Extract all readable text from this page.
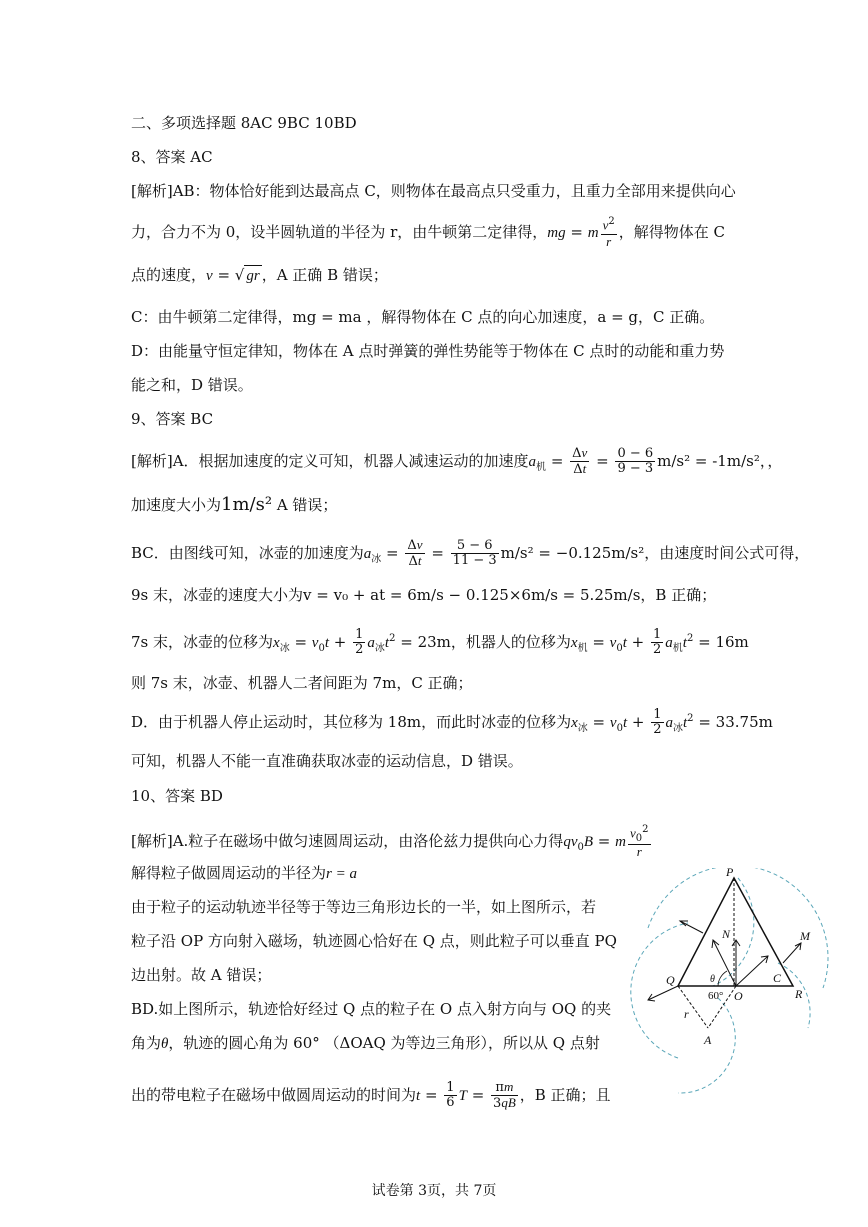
二、多项选择题 8AC 9BC 10BD
8、答案 AC
[解析]AB：物体恰好能到达最高点 C，则物体在最高点只受重力，且重力全部用来提供向心
力，合力不为 0，设半圆轨道的半径为 r，由牛顿第二定律得，mg = m $\frac{v^2}{r}$ ，解得物体在 C
点的速度，v = √ gr ，A 正确 B 错误；
C：由牛顿第二定律得，mg = ma ，解得物体在 C 点的向心加速度，a = g，C 正确。
D：由能量守恒定律知，物体在 A 点时弹簧的弹性势能等于物体在 C 点时的动能和重力势
能之和，D 错误。
9、答案 BC
[解析]A．根据加速度的定义可知，机器人减速运动的加速度$a_机 = \frac{\Delta v}{\Delta t} = \frac{0 - 6}{9 - 3} m/s^2 = -1m/s^2$，，
加速度大小为1m/s² A 错误；
BC．由图线可知，冰壶的加速度为$a_冰 = \frac{\Delta v}{\Delta t} = \frac{5 - 6}{11 - 3} m/s^2 = -0.125m/s^2$，由速度时间公式可得，
9s 末，冰壶的速度大小为v = v₀ + at = 6m/s − 0.125×6m/s = 5.25m/s，B 正确；
7s 末，冰壶的位移为$x_冰 = v_0t + \frac{1}{2} a_冰t^2 = 23m$，机器人的位移为$x_机 = v_0t + \frac{1}{2} a_机t^2 = 16m$
则 7s 末，冰壶、机器人二者间距为 7m，C 正确；
D．由于机器人停止运动时，其位移为 18m，而此时冰壶的位移为$x_冰 = v_0t + \frac{1}{2} a_冰t^2 = 33.75m$
可知，机器人不能一直准确获取冰壶的运动信息，D 错误。
10、答案 BD
[解析]A.粒子在磁场中做匀速圆周运动，由洛伦兹力提供向心力得$qv_0B = m \frac{v_0^2}{r}$
解得粒子做圆周运动的半径为r = a
由于粒子的运动轨迹半径等于等边三角形边长的一半，如上图所示，若
粒子沿 OP 方向射入磁场，轨迹圆心恰好在 Q 点，则此粒子可以垂直 PQ
边出射。故 A 错误；
BD.如上图所示，轨迹恰好经过 Q 点的粒子在 O 点入射方向与 OQ 的夹
角为θ，轨迹的圆心角为 60° （ΔOAQ 为等边三角形），所以从 Q 点射
出的带电粒子在磁场中做圆周运动的时间为$t = \frac{1}{6}$ $T = \frac{\pi m}{3qB}$ ，B 正确；且
P
N	M
Q	θ
O
C
R
r
A
60°
试卷第 3页，共 7页
